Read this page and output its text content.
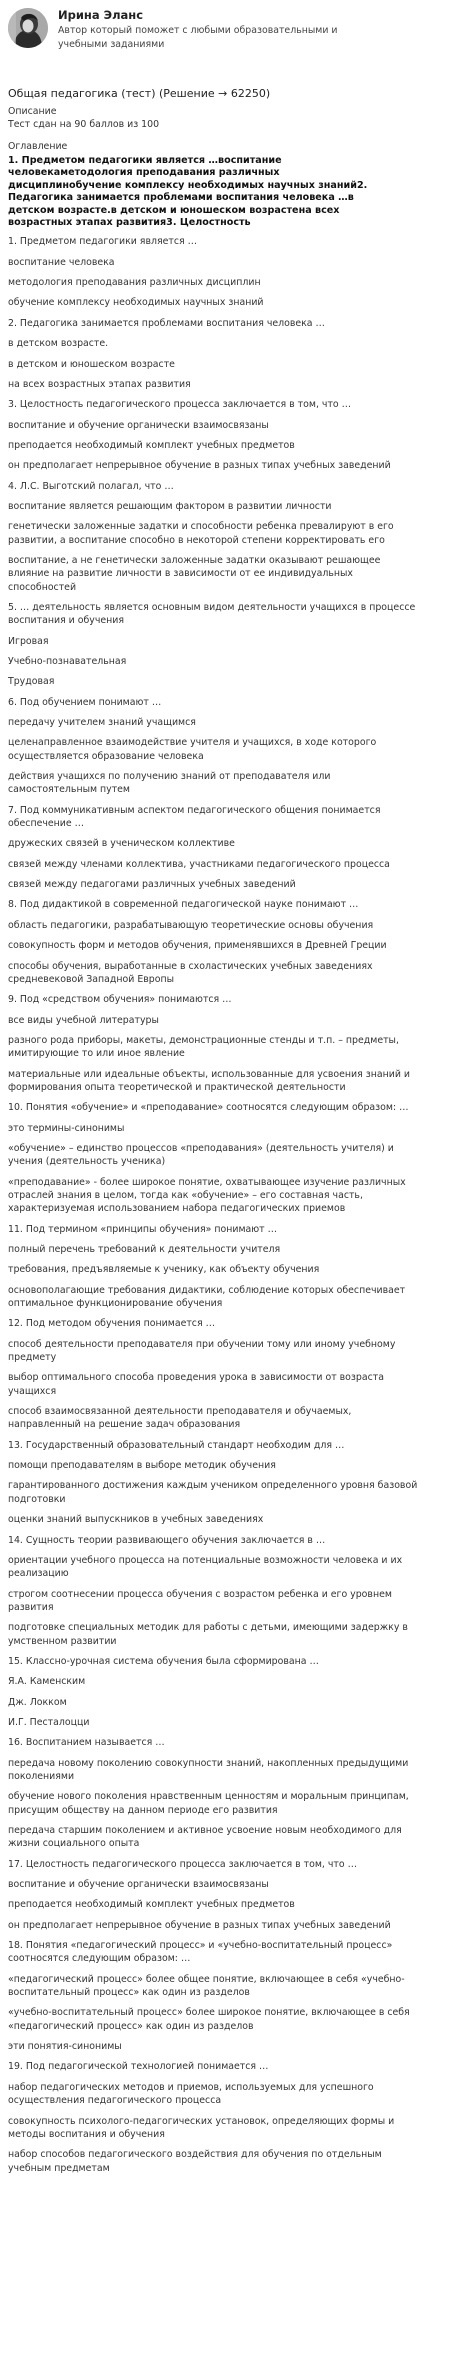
Ирина Эланс
Автор который поможет с любыми образовательными и
учебными заданиями
Общая педагогика (тест) (Решение → 62250)
Описание
Тест сдан на 90 баллов из 100
Оглавление
1. Предметом педагогики является …воспитание
человекаметодология преподавания различных
дисциплинобучение комплексу необходимых научных знаний2.
Педагогика занимается проблемами воспитания человека …в
детском возрасте.в детском и юношеском возрастена всех
возрастных этапах развития3. Целостность
1. Предметом педагогики является …
воспитание человека
методология преподавания различных дисциплин
обучение комплексу необходимых научных знаний
2. Педагогика занимается проблемами воспитания человека …
в детском возрасте.
в детском и юношеском возрасте
на всех возрастных этапах развития
3. Целостность педагогического процесса заключается в том, что …
воспитание и обучение органически взаимосвязаны
преподается необходимый комплект учебных предметов
он предполагает непрерывное обучение в разных типах учебных заведений
4. Л.С. Выготский полагал, что …
воспитание является решающим фактором в развитии личности
генетически заложенные задатки и способности ребенка превалируют в его
развитии, а воспитание способно в некоторой степени корректировать его
воспитание, а не генетически заложенные задатки оказывают решающее
влияние на развитие личности в зависимости от ее индивидуальных
способностей
5. … деятельность является основным видом деятельности учащихся в процессе
воспитания и обучения
Игровая
Учебно-познавательная
Трудовая
6. Под обучением понимают …
передачу учителем знаний учащимся
целенаправленное взаимодействие учителя и учащихся, в ходе которого
осуществляется образование человека
действия учащихся по получению знаний от преподавателя или
самостоятельным путем
7. Под коммуникативным аспектом педагогического общения понимается
обеспечение …
дружеских связей в ученическом коллективе
связей между членами коллектива, участниками педагогического процесса
связей между педагогами различных учебных заведений
8. Под дидактикой в современной педагогической науке понимают …
область педагогики, разрабатывающую теоретические основы обучения
совокупность форм и методов обучения, применявшихся в Древней Греции
способы обучения, выработанные в схоластических учебных заведениях
средневековой Западной Европы
9. Под «средством обучения» понимаются …
все виды учебной литературы
разного рода приборы, макеты, демонстрационные стенды и т.п. – предметы,
имитирующие то или иное явление
материальные или идеальные объекты, использованные для усвоения знаний и
формирования опыта теоретической и практической деятельности
10. Понятия «обучение» и «преподавание» соотносятся следующим образом: …
это термины-синонимы
«обучение» – единство процессов «преподавания» (деятельность учителя) и
учения (деятельность ученика)
«преподавание» - более широкое понятие, охватывающее изучение различных
отраслей знания в целом, тогда как «обучение» – его составная часть,
характеризуемая использованием набора педагогических приемов
11. Под термином «принципы обучения» понимают …
полный перечень требований к деятельности учителя
требования, предъявляемые к ученику, как объекту обучения
основополагающие требования дидактики, соблюдение которых обеспечивает
оптимальное функционирование обучения
12. Под методом обучения понимается …
способ деятельности преподавателя при обучении тому или иному учебному
предмету
выбор оптимального способа проведения урока в зависимости от возраста
учащихся
способ взаимосвязанной деятельности преподавателя и обучаемых,
направленный на решение задач образования
13. Государственный образовательный стандарт необходим для …
помощи преподавателям в выборе методик обучения
гарантированного достижения каждым учеником определенного уровня базовой
подготовки
оценки знаний выпускников в учебных заведениях
14. Сущность теории развивающего обучения заключается в …
ориентации учебного процесса на потенциальные возможности человека и их
реализацию
строгом соотнесении процесса обучения с возрастом ребенка и его уровнем
развития
подготовке специальных методик для работы с детьми, имеющими задержку в
умственном развитии
15. Классно-урочная система обучения была сформирована …
Я.А. Каменским
Дж. Локком
И.Г. Песталоцци
16. Воспитанием называется …
передача новому поколению совокупности знаний, накопленных предыдущими
поколениями
обучение нового поколения нравственным ценностям и моральным принципам,
присущим обществу на данном периоде его развития
передача старшим поколением и активное усвоение новым необходимого для
жизни социального опыта
17. Целостность педагогического процесса заключается в том, что …
воспитание и обучение органически взаимосвязаны
преподается необходимый комплект учебных предметов
он предполагает непрерывное обучение в разных типах учебных заведений
18. Понятия «педагогический процесс» и «учебно-воспитательный процесс»
соотносятся следующим образом: …
«педагогический процесс» более общее понятие, включающее в себя «учебно-
воспитательный процесс» как один из разделов
«учебно-воспитательный процесс» более широкое понятие, включающее в себя
«педагогический процесс» как один из разделов
эти понятия-синонимы
19. Под педагогической технологией понимается …
набор педагогических методов и приемов, используемых для успешного
осуществления педагогического процесса
совокупность психолого-педагогических установок, определяющих формы и
методы воспитания и обучения
набор способов педагогического воздействия для обучения по отдельным
учебным предметам
